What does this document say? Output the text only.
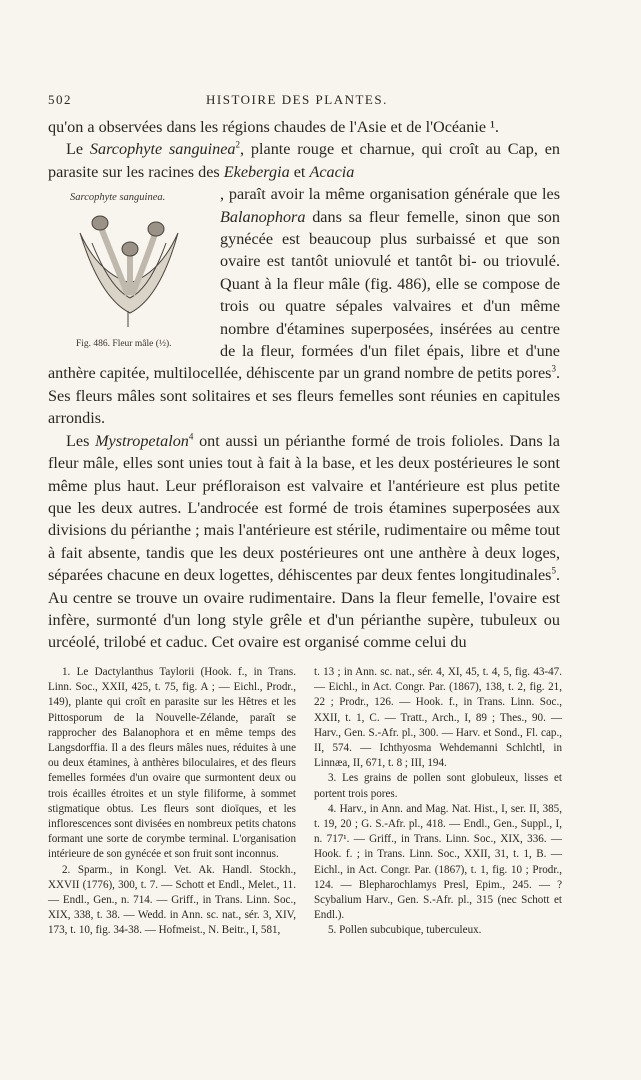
502	HISTOIRE DES PLANTES.

qu'on a observées dans les régions chaudes de l'Asie et de l'Océanie ¹.

Le Sarcophyte sanguinea$^2$, plante rouge et charnue, qui croît au Cap, en parasite sur les racines des Ekebergia et Acacia

Sarcophyte sanguinea.
Fig. 486. Fleur mâle (½).

, paraît avoir la même organisation générale que les Balanophora dans sa fleur femelle, sinon que son gynécée est beaucoup plus surbaissé et que son ovaire est tantôt uniovulé et tantôt bi- ou triovulé. Quant à la fleur mâle (fig. 486), elle se compose de trois ou quatre sépales valvaires et d'un même nombre d'étamines superposées, insérées au centre de la fleur, formées d'un filet épais, libre et d'une anthère capitée, multilocellée, déhiscente par un grand nombre de petits pores$^3$. Ses fleurs mâles sont solitaires et ses fleurs femelles sont réunies en capitules arrondis.

Les Mystropetalon$^4$ ont aussi un périanthe formé de trois folioles. Dans la fleur mâle, elles sont unies tout à fait à la base, et les deux postérieures le sont même plus haut. Leur préfloraison est valvaire et l'antérieure est plus petite que les deux autres. L'androcée est formé de trois étamines superposées aux divisions du périanthe ; mais l'antérieure est stérile, rudimentaire ou même tout à fait absente, tandis que les deux postérieures ont une anthère à deux loges, séparées chacune en deux logettes, déhiscentes par deux fentes longitudinales$^5$. Au centre se trouve un ovaire rudimentaire. Dans la fleur femelle, l'ovaire est infère, surmonté d'un long style grêle et d'un périanthe supère, tubuleux ou urcéolé, trilobé et caduc. Cet ovaire est organisé comme celui du

1. Le Dactylanthus Taylorii (Hook. f., in Trans. Linn. Soc., XXII, 425, t. 75, fig. A ; — Eichl., Prodr., 149), plante qui croît en parasite sur les Hêtres et les Pittosporum de la Nouvelle-Zélande, paraît se rapprocher des Balanophora et en même temps des Langsdorffia. Il a des fleurs mâles nues, réduites à une ou deux étamines, à anthères biloculaires, et des fleurs femelles formées d'un ovaire que surmontent deux ou trois écailles étroites et un style filiforme, à sommet stigmatique obtus. Les fleurs sont dioïques, et les inflorescences sont divisées en nombreux petits chatons formant une sorte de corymbe terminal. L'organisation intérieure de son gynécée et son fruit sont inconnus.

2. Sparm., in Kongl. Vet. Ak. Handl. Stockh., XXVII (1776), 300, t. 7. — Schott et Endl., Melet., 11. — Endl., Gen., n. 714. — Griff., in Trans. Linn. Soc., XIX, 338, t. 38. — Wedd. in Ann. sc. nat., sér. 3, XIV, 173, t. 10, fig. 34-38. — Hofmeist., N. Beitr., I, 581,

t. 13 ; in Ann. sc. nat., sér. 4, XI, 45, t. 4, 5, fig. 43-47. — Eichl., in Act. Congr. Par. (1867), 138, t. 2, fig. 21, 22 ; Prodr., 126. — Hook. f., in Trans. Linn. Soc., XXII, t. 1, C. — Tratt., Arch., I, 89 ; Thes., 90. — Harv., Gen. S.-Afr. pl., 300. — Harv. et Sond., Fl. cap., II, 574. — Ichthyosma Wehdemanni Schlchtl, in Linnæa, II, 671, t. 8 ; III, 194.

3. Les grains de pollen sont globuleux, lisses et portent trois pores.

4. Harv., in Ann. and Mag. Nat. Hist., I, ser. II, 385, t. 19, 20 ; G. S.-Afr. pl., 418. — Endl., Gen., Suppl., I, n. 717¹. — Griff., in Trans. Linn. Soc., XIX, 336. — Hook. f. ; in Trans. Linn. Soc., XXII, 31, t. 1, B. — Eichl., in Act. Congr. Par. (1867), t. 1, fig. 10 ; Prodr., 124. — Blepharochlamys Presl, Epim., 245. — ? Scybalium Harv., Gen. S.-Afr. pl., 315 (nec Schott et Endl.).

5. Pollen subcubique, tuberculeux.
